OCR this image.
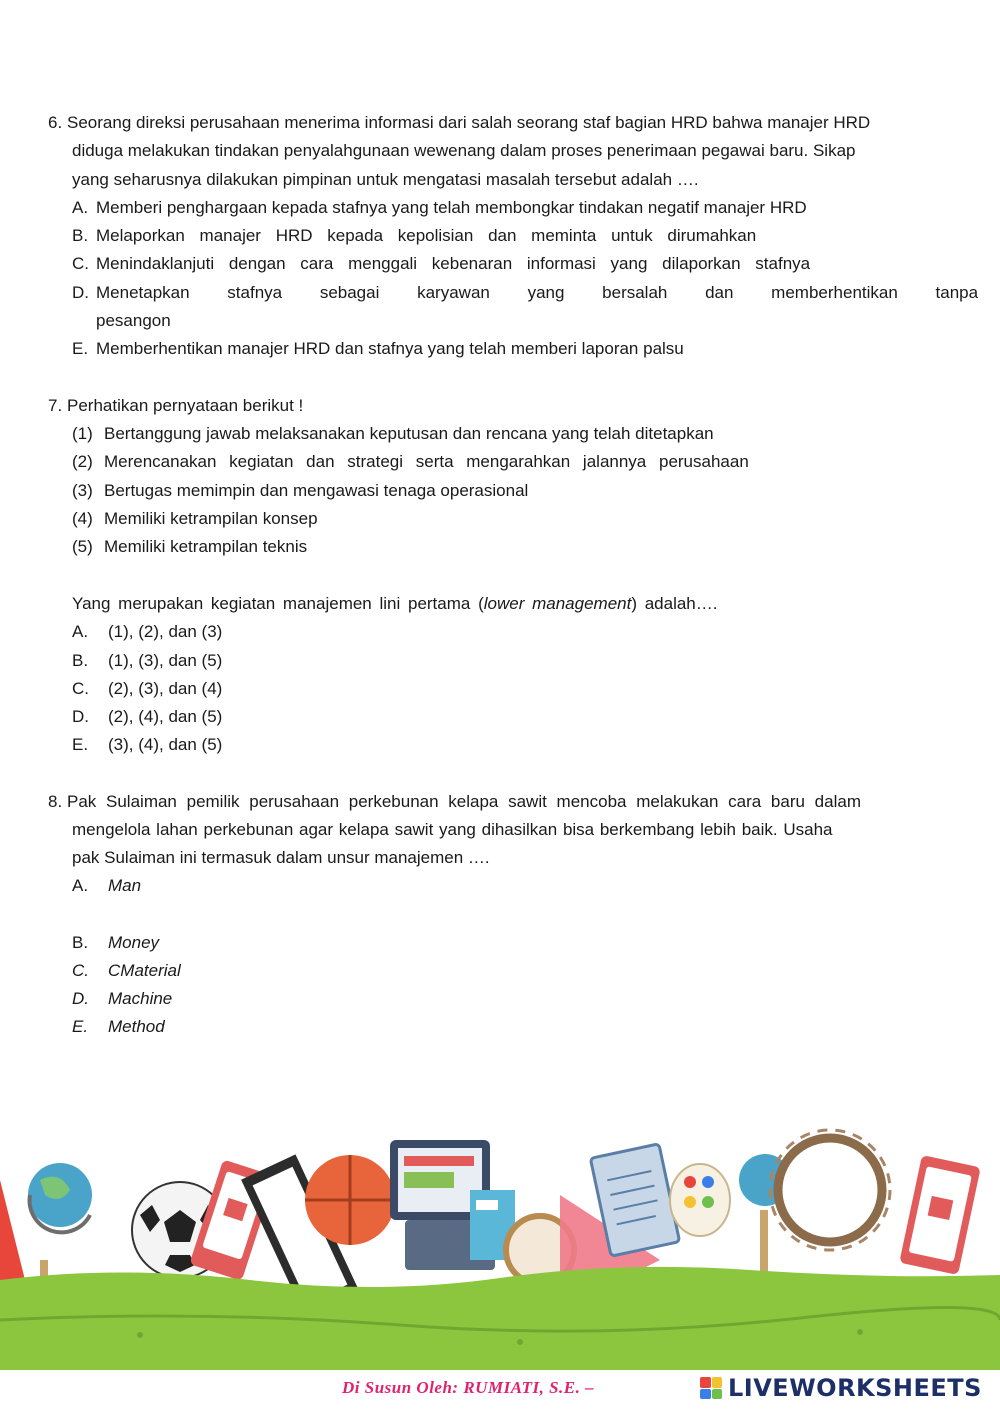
6. Seorang direksi perusahaan menerima informasi dari salah seorang staf bagian HRD bahwa manajer HRD
diduga melakukan tindakan penyalahgunaan wewenang dalam proses penerimaan pegawai baru. Sikap
yang seharusnya dilakukan pimpinan untuk mengatasi masalah tersebut adalah ….
A. Memberi penghargaan kepada stafnya yang telah membongkar tindakan negatif manajer HRD
B. Melaporkan manajer HRD kepada kepolisian dan meminta untuk dirumahkan
C. Menindaklanjuti dengan cara menggali kebenaran informasi yang dilaporkan stafnya
D. Menetapkan stafnya sebagai karyawan yang bersalah dan memberhentikan tanpa
pesangon
E. Memberhentikan manajer HRD dan stafnya yang telah memberi laporan palsu
7. Perhatikan pernyataan berikut !
(1) Bertanggung jawab melaksanakan keputusan dan rencana yang telah ditetapkan
(2) Merencanakan kegiatan dan strategi serta mengarahkan jalannya perusahaan
(3) Bertugas memimpin dan mengawasi tenaga operasional
(4) Memiliki ketrampilan konsep
(5) Memiliki ketrampilan teknis
Yang merupakan kegiatan manajemen lini pertama (lower management) adalah….
A. (1), (2), dan (3)
B. (1), (3), dan (5)
C. (2), (3), dan (4)
D. (2), (4), dan (5)
E. (3), (4), dan (5)
8. Pak Sulaiman pemilik perusahaan perkebunan kelapa sawit mencoba melakukan cara baru dalam
mengelola lahan perkebunan agar kelapa sawit yang dihasilkan bisa berkembang lebih baik. Usaha
pak Sulaiman ini termasuk dalam unsur manajemen ….
A. Man
B. Money
C. CMaterial
D. Machine
E. Method
Di Susun Oleh: RUMIATI, S.E. –	LIVEWORKSHEETS
